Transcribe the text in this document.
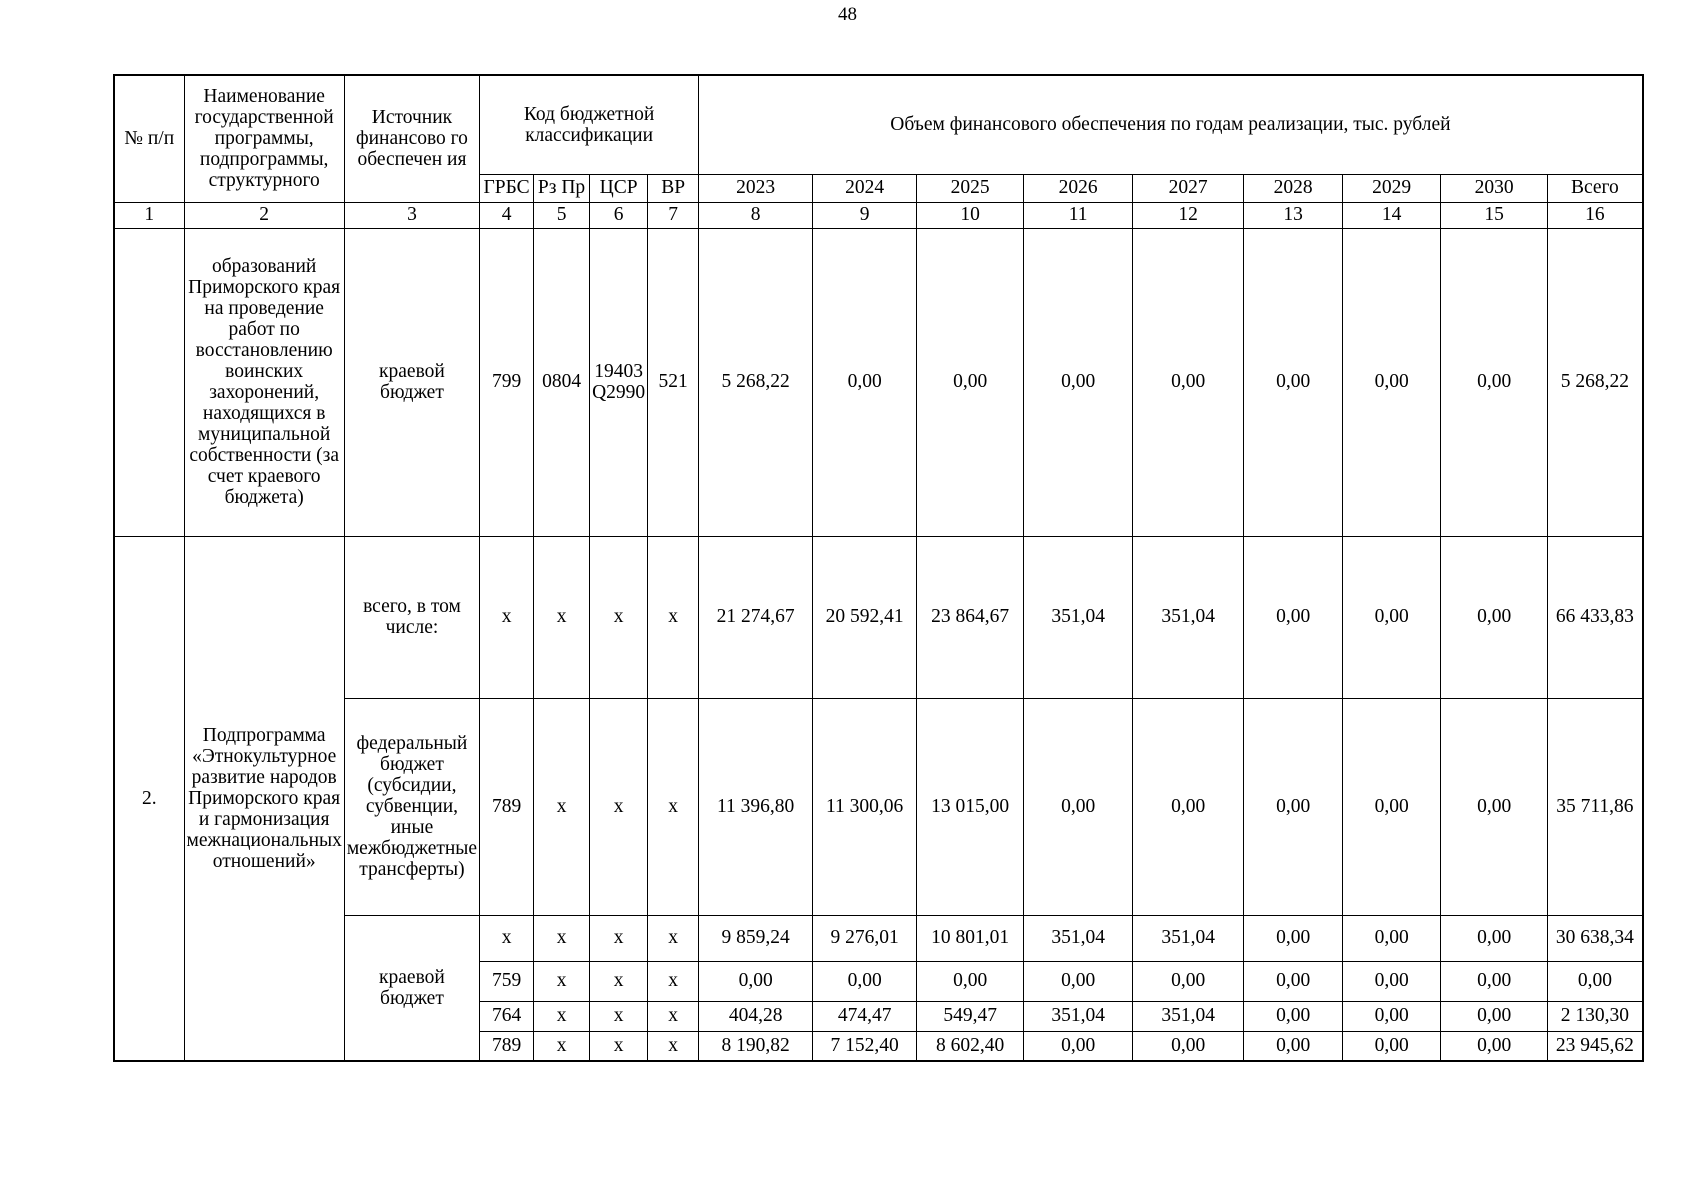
48
№ п/п	Наименование государственной программы, подпрограммы, структурного	Источник финансово го обеспечен ия	Код бюджетной классификации				Объем финансового обеспечения по годам реализации, тыс. рублей								
			ГРБС	Рз Пр	ЦСР	ВР	2023	2024	2025	2026	2027	2028	2029	2030	Всего
1	2	3	4	5	6	7	8	9	10	11	12	13	14	15	16
	образований Приморского края на проведение работ по восстановлению воинских захоронений, находящихся в муниципальной собственности (за счет краевого бюджета)	краевой бюджет	799	0804	19403 Q2990	521	5 268,22	0,00	0,00	0,00	0,00	0,00	0,00	0,00	5 268,22
2.	Подпрограмма «Этнокультурное развитие народов Приморского края и гармонизация межнациональных отношений»	всего, в том числе:	x	x	x	x	21 274,67	20 592,41	23 864,67	351,04	351,04	0,00	0,00	0,00	66 433,83
		федеральный бюджет (субсидии, субвенции, иные межбюджетные трансферты)	789	x	x	x	11 396,80	11 300,06	13 015,00	0,00	0,00	0,00	0,00	0,00	35 711,86
		краевой бюджет	x	x	x	x	9 859,24	9 276,01	10 801,01	351,04	351,04	0,00	0,00	0,00	30 638,34
			759	x	x	x	0,00	0,00	0,00	0,00	0,00	0,00	0,00	0,00	0,00
			764	x	x	x	404,28	474,47	549,47	351,04	351,04	0,00	0,00	0,00	2 130,30
			789	x	x	x	8 190,82	7 152,40	8 602,40	0,00	0,00	0,00	0,00	0,00	23 945,62
